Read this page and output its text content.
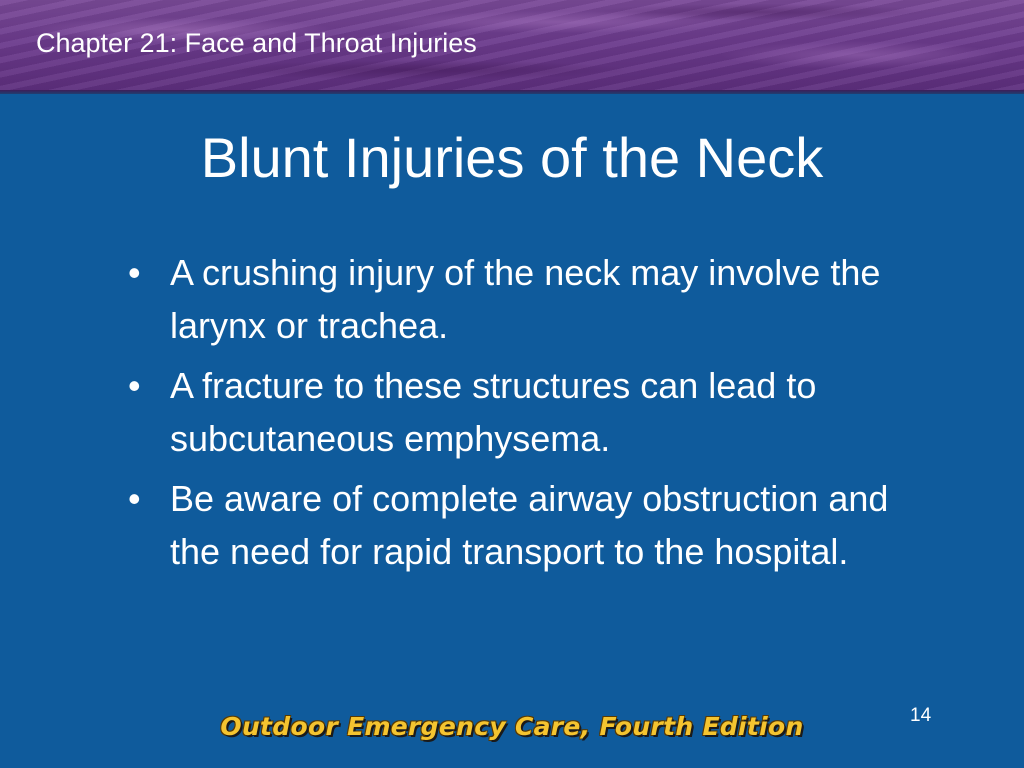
Chapter 21: Face and Throat Injuries
Blunt Injuries of the Neck
• A crushing injury of the neck may involve the larynx or trachea.
• A fracture to these structures can lead to subcutaneous emphysema.
• Be aware of complete airway obstruction and the need for rapid transport to the hospital.
14
Outdoor Emergency Care, Fourth Edition
